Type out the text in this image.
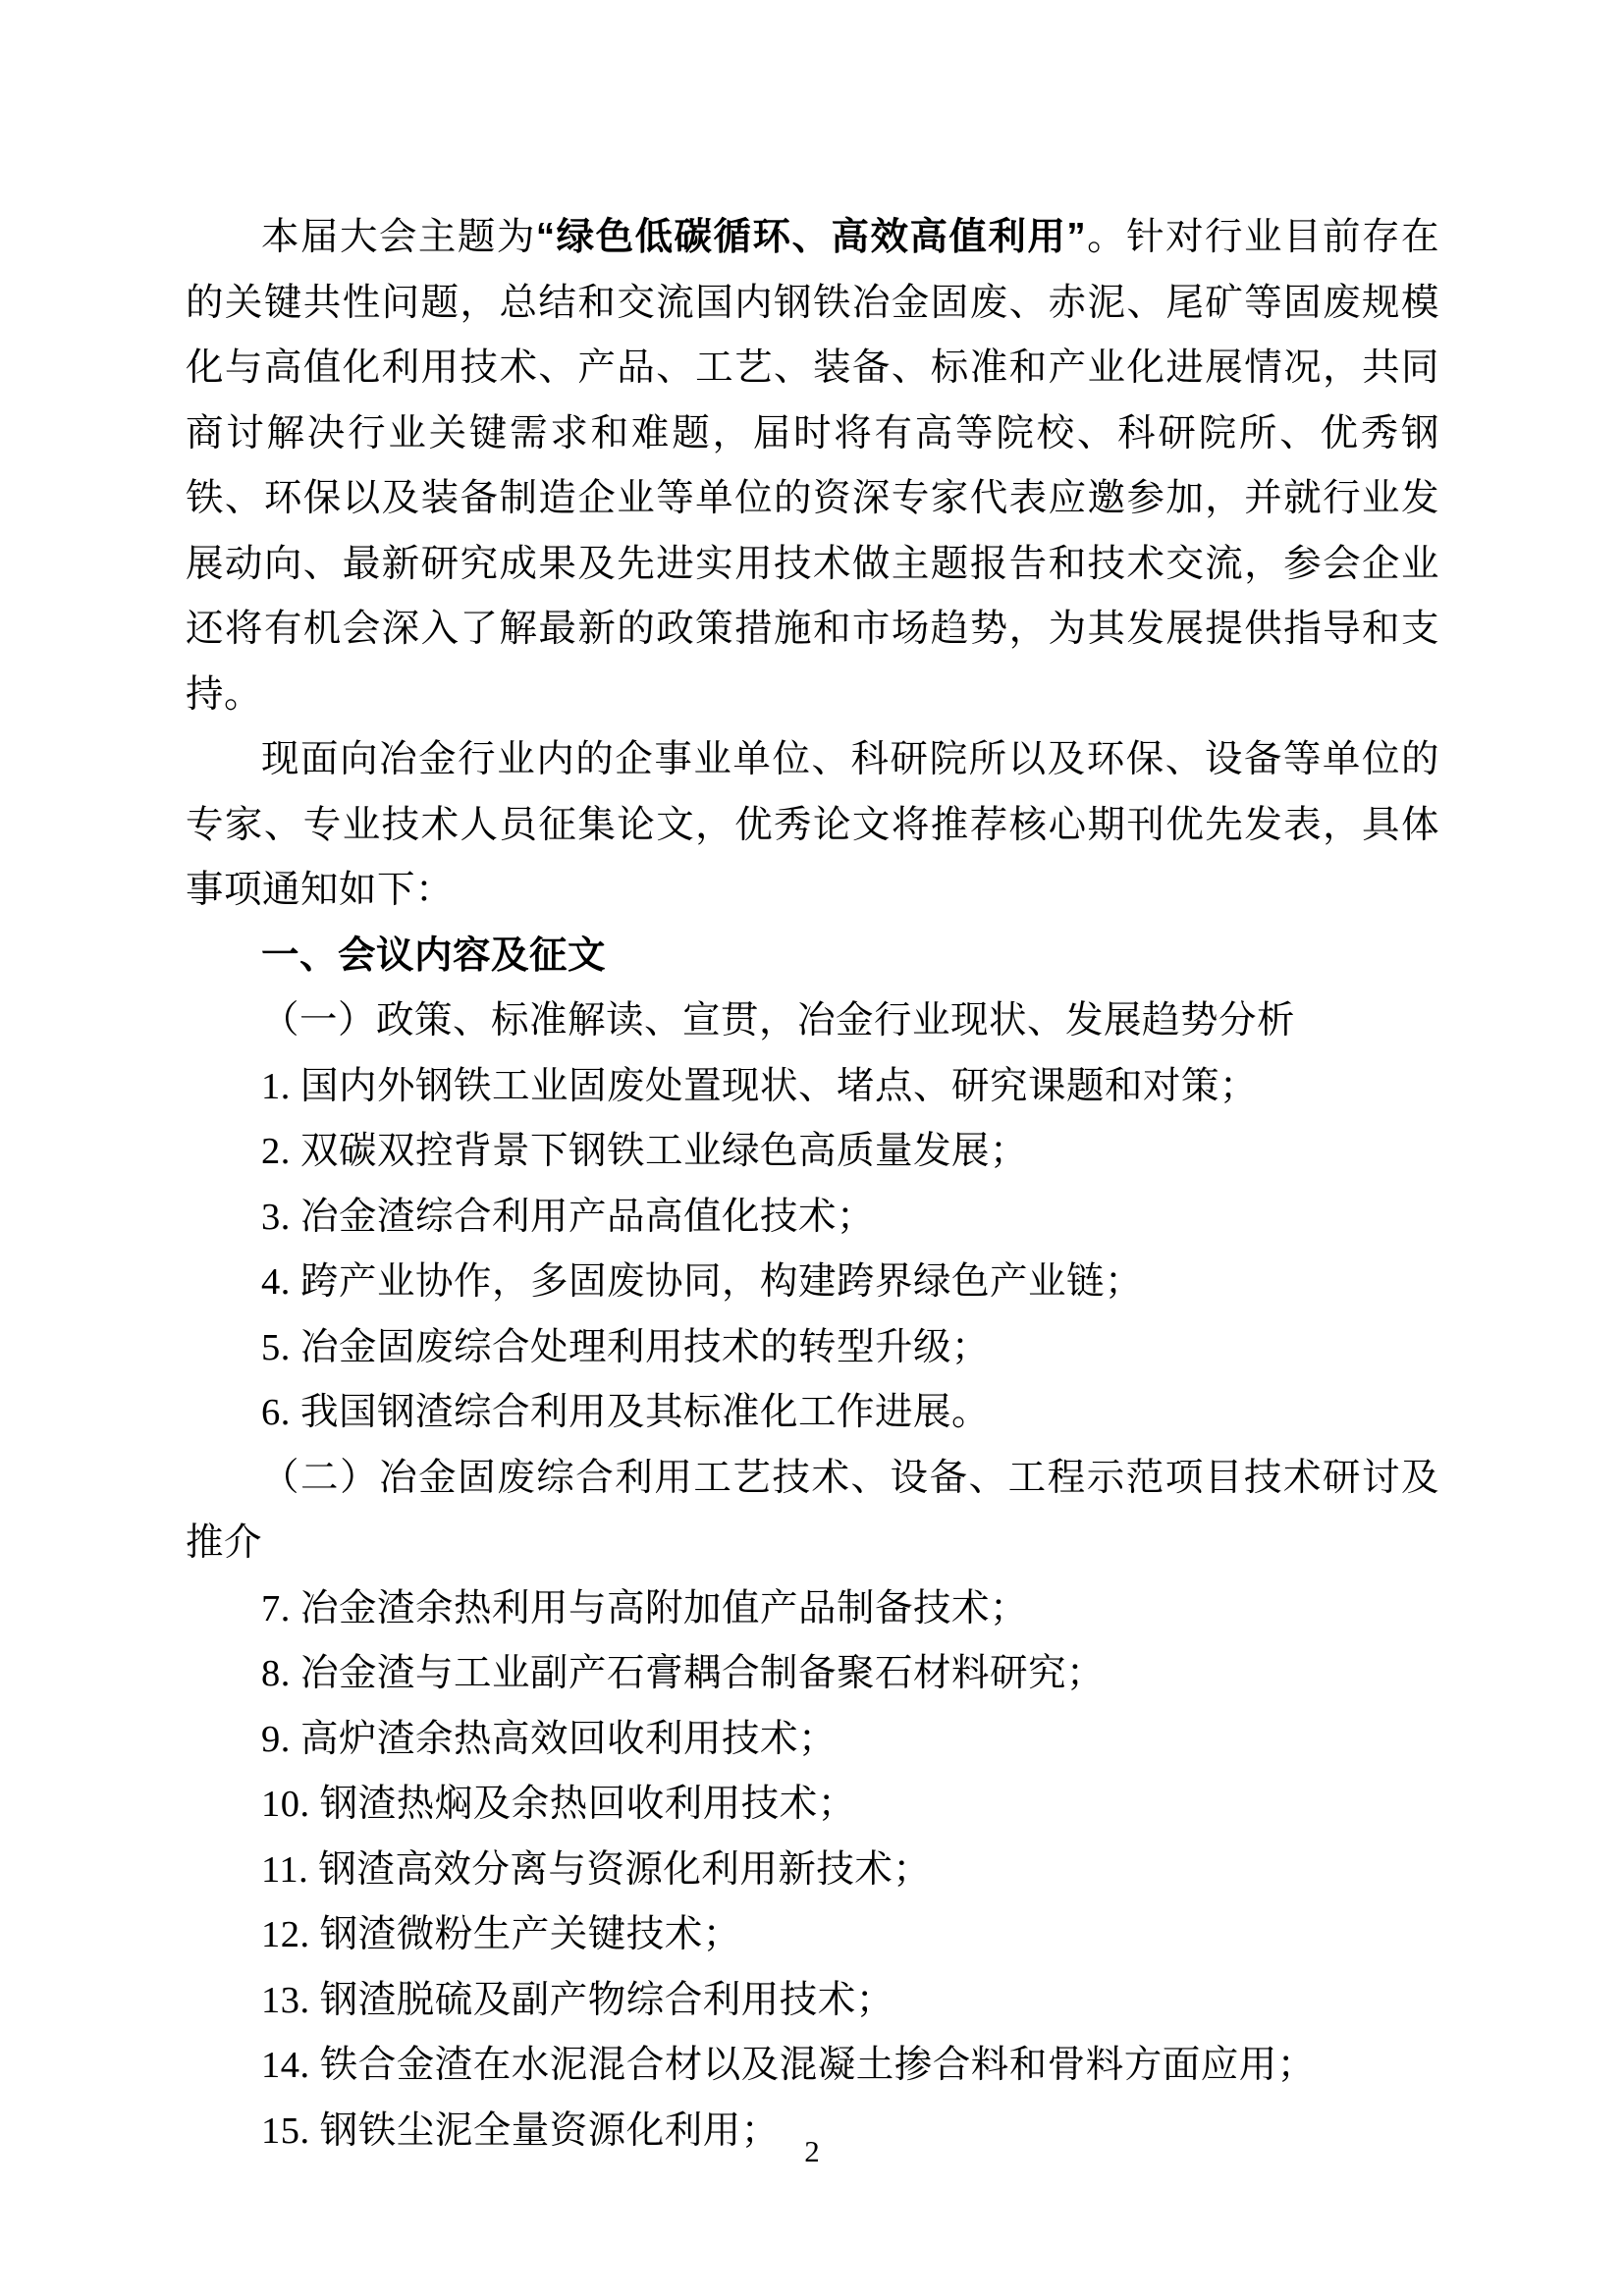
本届大会主题为“绿色低碳循环、高效高值利用”。针对行业目前存在的关键共性问题，总结和交流国内钢铁冶金固废、赤泥、尾矿等固废规模化与高值化利用技术、产品、工艺、装备、标准和产业化进展情况，共同商讨解决行业关键需求和难题，届时将有高等院校、科研院所、优秀钢铁、环保以及装备制造企业等单位的资深专家代表应邀参加，并就行业发展动向、最新研究成果及先进实用技术做主题报告和技术交流，参会企业还将有机会深入了解最新的政策措施和市场趋势，为其发展提供指导和支持。

现面向冶金行业内的企事业单位、科研院所以及环保、设备等单位的专家、专业技术人员征集论文，优秀论文将推荐核心期刊优先发表，具体事项通知如下：

一、会议内容及征文

（一）政策、标准解读、宣贯，冶金行业现状、发展趋势分析

1. 国内外钢铁工业固废处置现状、堵点、研究课题和对策；

2. 双碳双控背景下钢铁工业绿色高质量发展；

3. 冶金渣综合利用产品高值化技术；

4. 跨产业协作，多固废协同，构建跨界绿色产业链；

5. 冶金固废综合处理利用技术的转型升级；

6. 我国钢渣综合利用及其标准化工作进展。

（二）冶金固废综合利用工艺技术、设备、工程示范项目技术研讨及推介

7. 冶金渣余热利用与高附加值产品制备技术；

8. 冶金渣与工业副产石膏耦合制备聚石材料研究；

9. 高炉渣余热高效回收利用技术；

10. 钢渣热焖及余热回收利用技术；

11. 钢渣高效分离与资源化利用新技术；

12. 钢渣微粉生产关键技术；

13. 钢渣脱硫及副产物综合利用技术；

14. 铁合金渣在水泥混合材以及混凝土掺合料和骨料方面应用；

15. 钢铁尘泥全量资源化利用； 2
